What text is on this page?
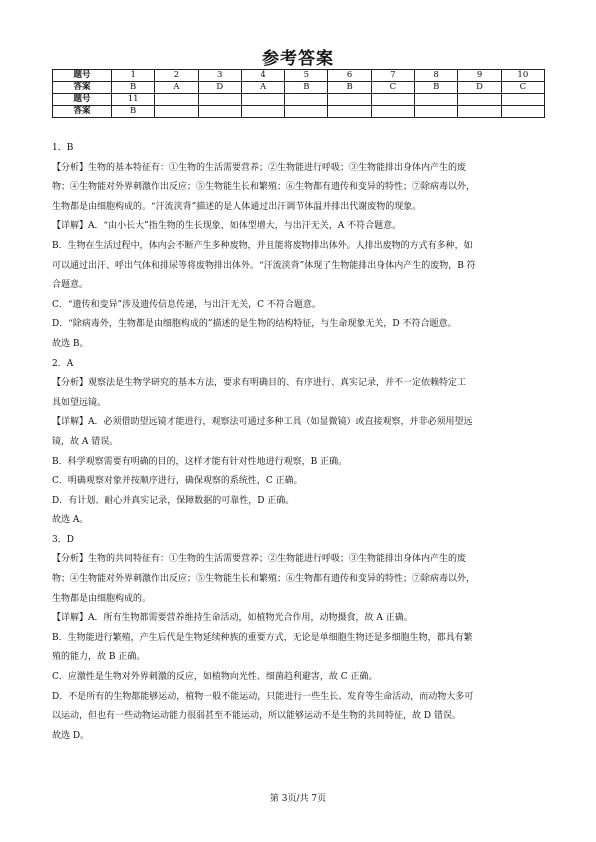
参考答案
题号	1	2	3	4	5	6	7	8	9	10
答案	B	A	D	A	B	B	C	B	D	C
题号	11									
答案	B									
1．B
【分析】生物的基本特征有：①生物的生活需要营养；②生物能进行呼吸；③生物能排出身体内产生的废
物；④生物能对外界刺激作出反应；⑤生物能生长和繁殖；⑥生物都有遗传和变异的特性；⑦除病毒以外，
生物都是由细胞构成的。“汗流浃背”描述的是人体通过出汗调节体温并排出代谢废物的现象。
【详解】A．“由小长大”指生物的生长现象，如体型增大，与出汗无关，A 不符合题意。
B．生物在生活过程中，体内会不断产生多种废物，并且能将废物排出体外。人排出废物的方式有多种，如
可以通过出汗、呼出气体和排尿等将废物排出体外。“汗流浃背”体现了生物能排出身体内产生的废物，B 符
合题意。
C．“遗传和变异”涉及遗传信息传递，与出汗无关，C 不符合题意。
D．“除病毒外，生物都是由细胞构成的”描述的是生物的结构特征，与生命现象无关，D 不符合题意。
故选 B。
2．A
【分析】观察法是生物学研究的基本方法，要求有明确目的、有序进行、真实记录，并不一定依赖特定工
具如望远镜。
【详解】A．必须借助望远镜才能进行，观察法可通过多种工具（如显微镜）或直接观察，并非必须用望远
镜，故 A 错误。
B．科学观察需要有明确的目的，这样才能有针对性地进行观察，B 正确。
C．明确观察对象并按顺序进行，确保观察的系统性，C 正确。
D．有计划、耐心并真实记录，保障数据的可靠性，D 正确。
故选 A。
3．D
【分析】生物的共同特征有：①生物的生活需要营养；②生物能进行呼吸；③生物能排出身体内产生的废
物；④生物能对外界刺激作出反应；⑤生物能生长和繁殖；⑥生物都有遗传和变异的特性；⑦除病毒以外，
生物都是由细胞构成的。
【详解】A．所有生物都需要营养维持生命活动，如植物光合作用，动物摄食，故 A 正确。
B．生物能进行繁殖，产生后代是生物延续种族的重要方式，无论是单细胞生物还是多细胞生物，都具有繁
殖的能力，故 B 正确。
C．应激性是生物对外界刺激的反应，如植物向光性、细菌趋利避害，故 C 正确。
D．不是所有的生物都能够运动，植物一般不能运动，只能进行一些生长、发育等生命活动，而动物大多可
以运动，但也有一些动物运动能力很弱甚至不能运动，所以能够运动不是生物的共同特征，故 D 错误。
故选 D。
第 3页/共 7页
